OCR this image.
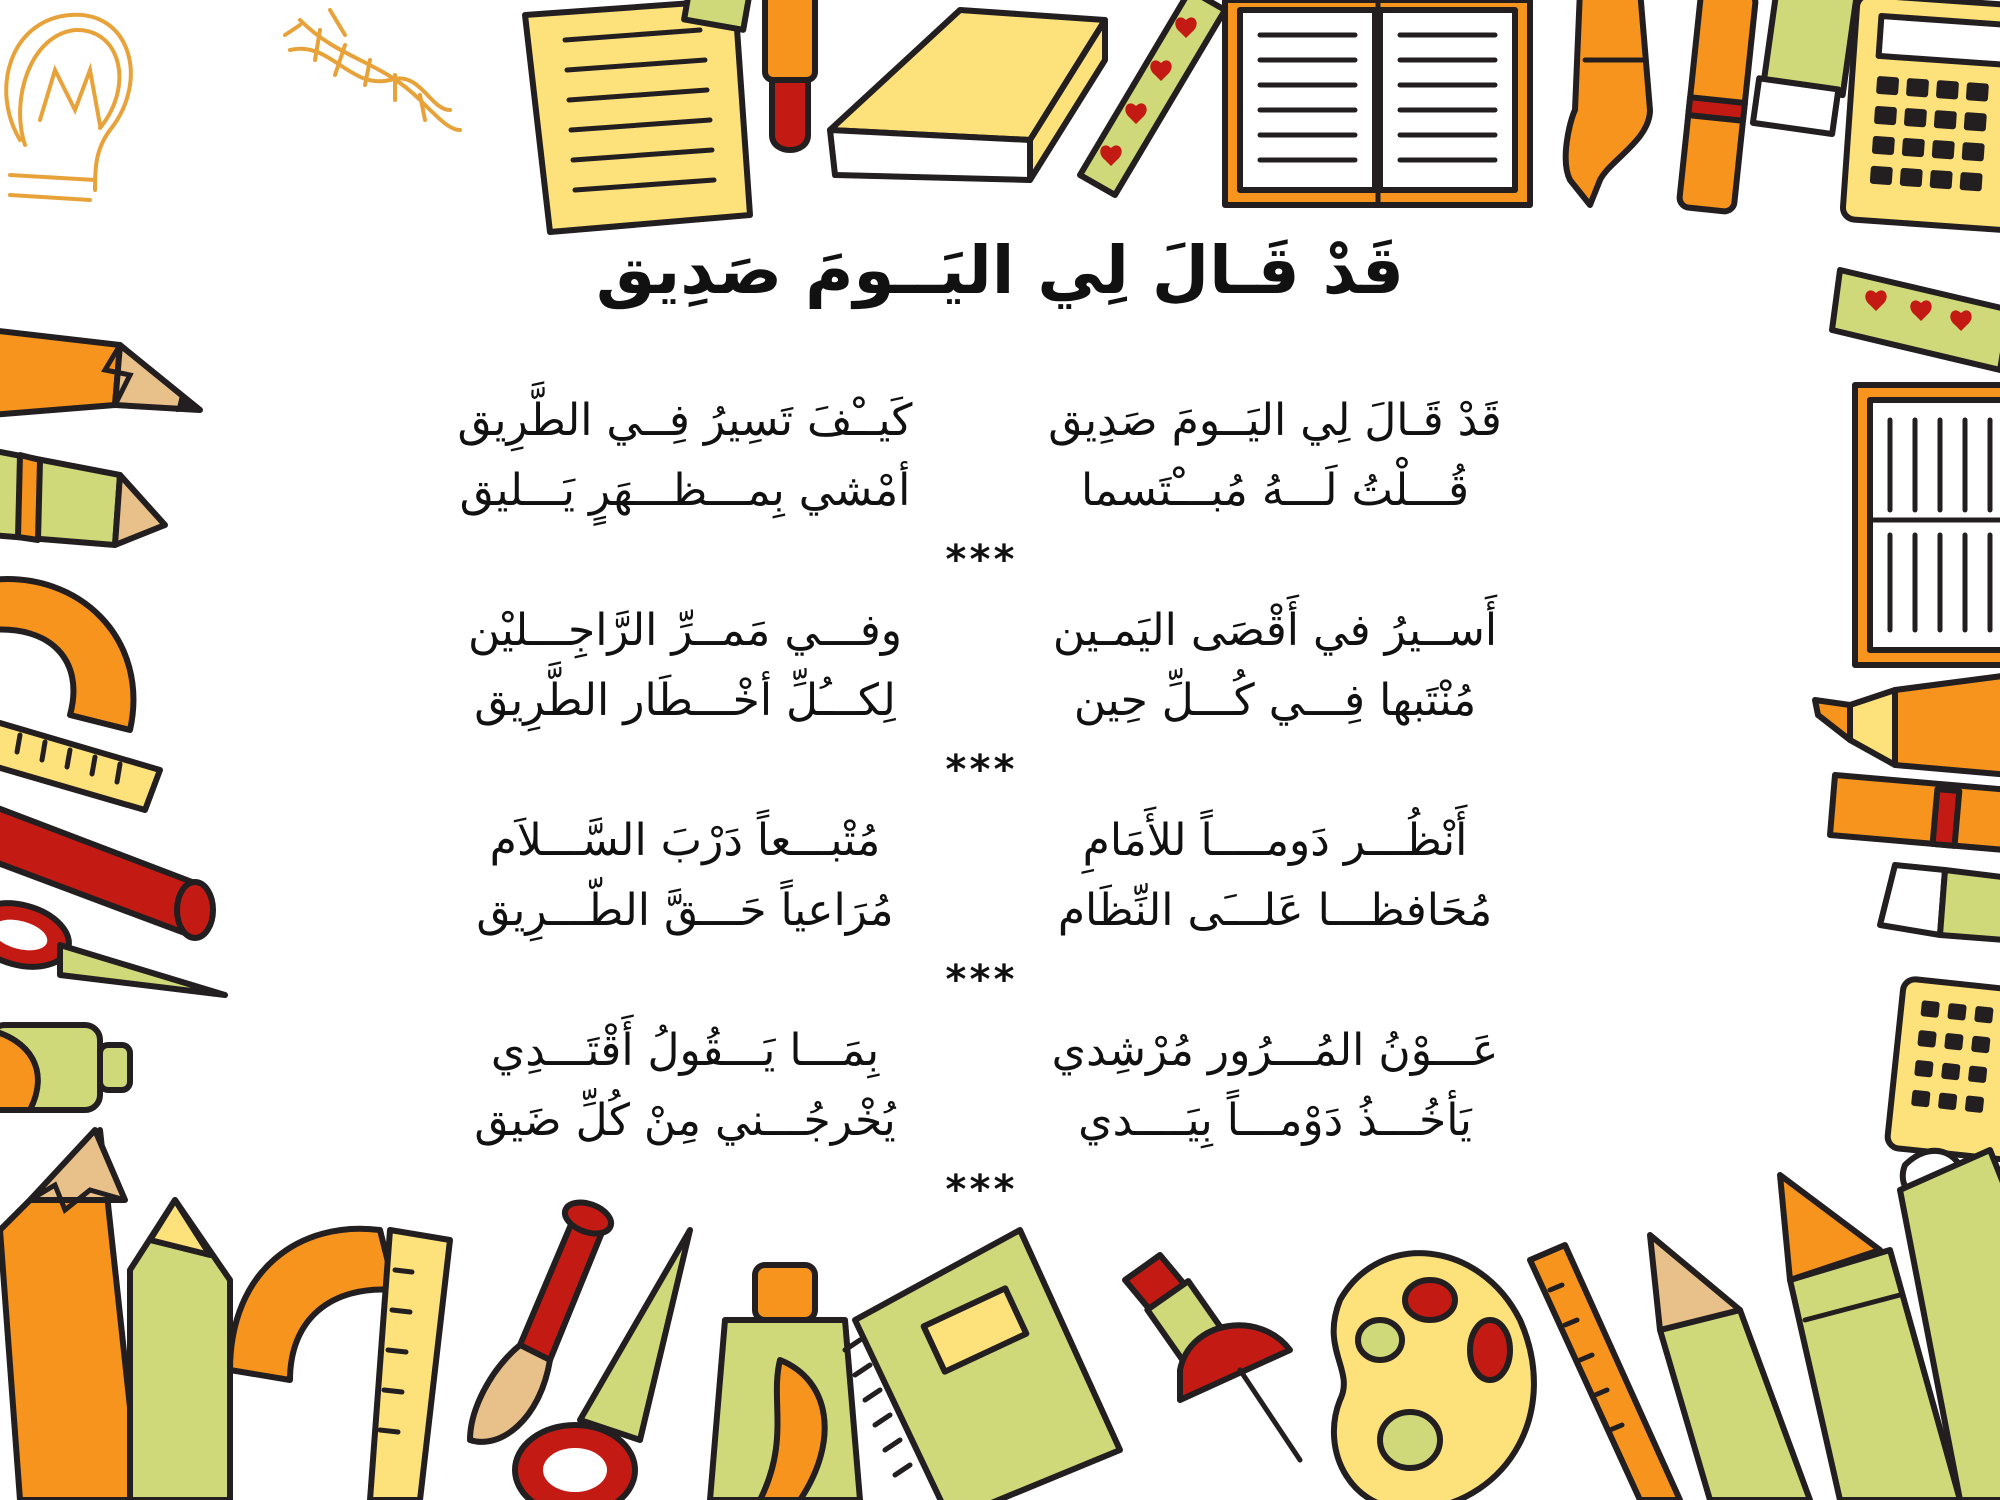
قَدْ قَـالَ لِي اليَــومَ صَدِيق
قَدْ قَـالَ لِي اليَــومَ صَدِيق
كَيــْفَ تَسِيرُ فِــي الطَّرِيق
قُـــلْتُ لَـــهُ مُبـــْتَسما
أمْشي بِمـــظـــهَرٍ يَـــليق
***
أَســيرُ في أَقْصَى اليَمـين
وفـــي مَمــرِّ الرَّاجِـــليْن
مُنْتَبها فِـــي كُـــلِّ حِين
لِكـــُلِّ أخْـــطَار الطَّرِيق
***
أَنْظُـــر دَومــــاً للأَمَامِ
مُتْبـــعاً دَرْبَ السَّـــلاَم
مُحَافظـــا عَلـــَى النِّظَام
مُرَاعياً حَـــقَّ الطّـــرِيق
***
عَـــوْنُ المُـــرُور مُرْشِدي
بِمَـــا يَـــقُولُ أَقْتَـــدِي
يَأخُـــذُ دَوْمـــاً بِيَــــدي
يُخْرجُـــني مِنْ كُلِّ ضَيق
***
